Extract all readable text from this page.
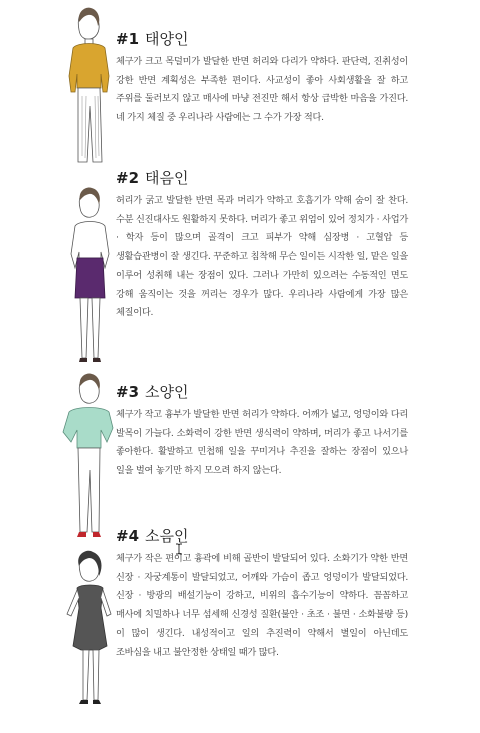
#1 태양인

체구가 크고 목덜미가 발달한 반면 허리와 다리가 약하다. 판단력, 진취성이 강한 반면 계획성은 부족한 편이다. 사교성이 좋아 사회생활을 잘 하고 주위를 둘러보지 않고 매사에 마냥 전진만 해서 항상 급박한 마음을 가진다. 네 가지 체질 중 우리나라 사람에는 그 수가 가장 적다.

#2 태음인

허리가 굵고 발달한 반면 목과 머리가 약하고 호흡기가 약해 숨이 잘 찬다. 수분 신진대사도 원활하지 못하다. 머리가 좋고 위엄이 있어 정치가 · 사업가 · 학자 등이 많으며 골격이 크고 피부가 약해 심장병 · 고혈압 등 생활습관병이 잘 생긴다. 꾸준하고 침착해 무슨 일이든 시작한 일, 맡은 일을 이루어 성취해 내는 장점이 있다. 그러나 가만히 있으려는 수동적인 면도 강해 움직이는 것을 꺼리는 경우가 많다. 우리나라 사람에게 가장 많은 체질이다.

#3 소양인

체구가 작고 흉부가 발달한 반면 허리가 약하다. 어깨가 넓고, 엉덩이와 다리 발목이 가늘다. 소화력이 강한 반면 생식력이 약하며, 머리가 좋고 나서기를 좋아한다. 활발하고 민첩해 일을 꾸미거나 추진을 잘하는 장점이 있으나 일을 벌여 놓기만 하지 모으려 하지 않는다.

#4 소음인

체구가 작은 편이고 흉곽에 비해 골반이 발달되어 있다. 소화기가 약한 반면 신장 · 자궁계통이 발달되었고, 어깨와 가슴이 좁고 엉덩이가 발달되었다. 신장 · 방광의 배설기능이 강하고, 비위의 흡수기능이 약하다. 꼼꼼하고 매사에 치밀하나 너무 섬세해 신경성 질환(불안 · 초조 · 불면 · 소화불량 등)이 많이 생긴다. 내성적이고 일의 추진력이 약해서 별일이 아닌데도 조바심을 내고 불안정한 상태일 때가 많다.
